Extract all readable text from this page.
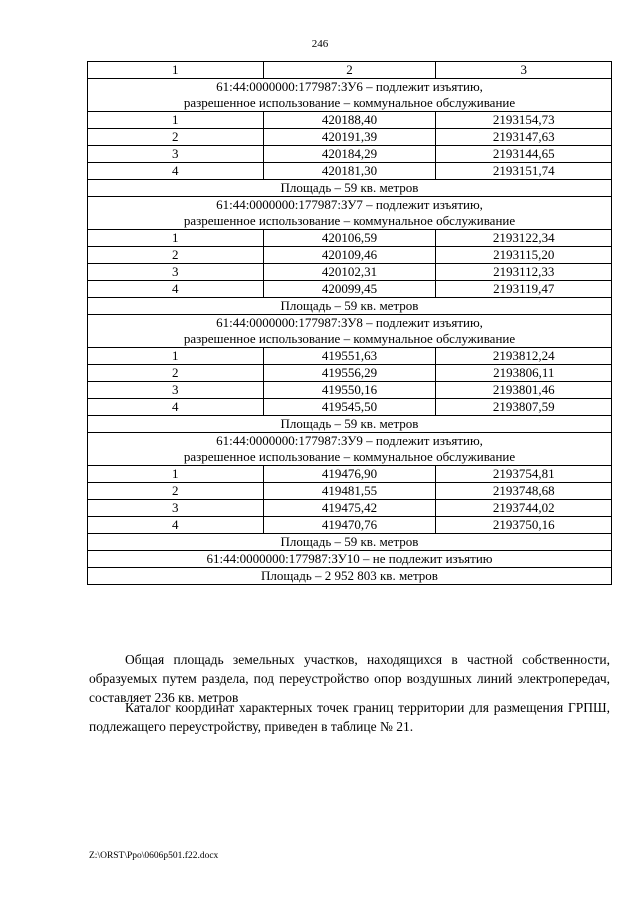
246
1	2	3

61:44:0000000:177987:ЗУ6 – подлежит изъятию,
разрешенное использование – коммунальное обслуживание		

1	420188,40	2193154,73
2	420191,39	2193147,63
3	420184,29	2193144,65
4	420181,30	2193151,74
Площадь – 59 кв. метров		

61:44:0000000:177987:ЗУ7 – подлежит изъятию,
разрешенное использование – коммунальное обслуживание		

1	420106,59	2193122,34
2	420109,46	2193115,20
3	420102,31	2193112,33
4	420099,45	2193119,47
Площадь – 59 кв. метров		

61:44:0000000:177987:ЗУ8 – подлежит изъятию,
разрешенное использование – коммунальное обслуживание		

1	419551,63	2193812,24
2	419556,29	2193806,11
3	419550,16	2193801,46
4	419545,50	2193807,59
Площадь – 59 кв. метров		

61:44:0000000:177987:ЗУ9 – подлежит изъятию,
разрешенное использование – коммунальное обслуживание		

1	419476,90	2193754,81
2	419481,55	2193748,68
3	419475,42	2193744,02
4	419470,76	2193750,16
Площадь – 59 кв. метров		
61:44:0000000:177987:ЗУ10 – не подлежит изъятию		
Площадь – 2 952 803 кв. метров		

Общая площадь земельных участков, находящихся в частной собственности, образуемых путем раздела, под переустройство опор воздушных линий электропередач, составляет 236 кв. метров

Каталог координат характерных точек границ территории для размещения ГРПШ, подлежащего переустройству, приведен в таблице № 21.

Z:\ORST\Ppo\0606p501.f22.docx
